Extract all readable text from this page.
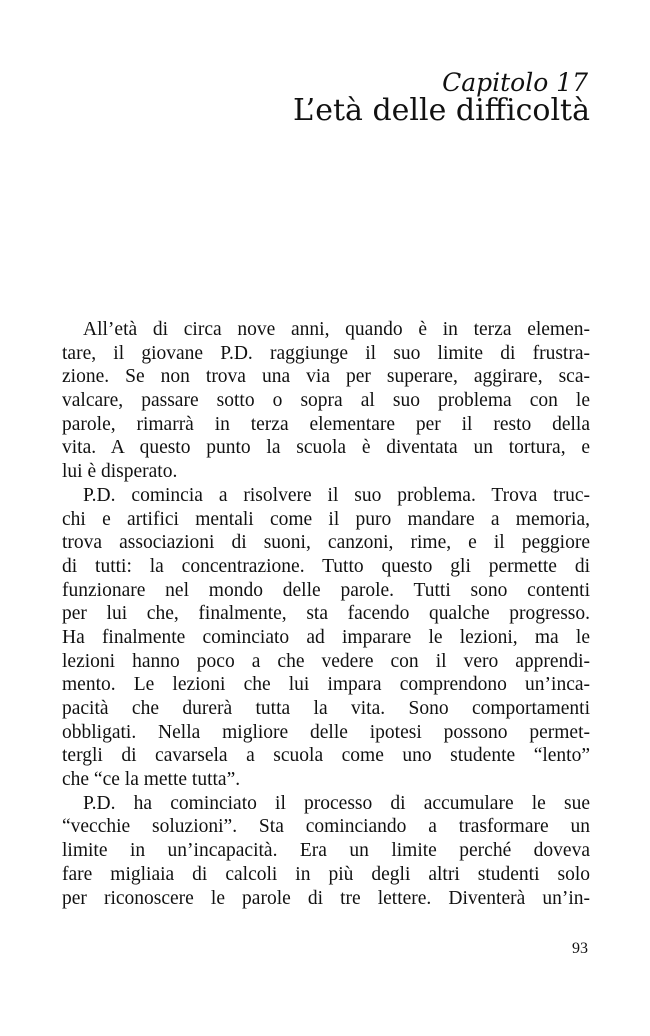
Capitolo 17
L’età delle difficoltà
All’età di circa nove anni, quando è in terza elemen-
tare, il giovane P.D. raggiunge il suo limite di frustra-
zione. Se non trova una via per superare, aggirare, sca-
valcare, passare sotto o sopra al suo problema con le
parole, rimarrà in terza elementare per il resto della
vita. A questo punto la scuola è diventata un tortura, e
lui è disperato.
P.D. comincia a risolvere il suo problema. Trova truc-
chi e artifici mentali come il puro mandare a memoria,
trova associazioni di suoni, canzoni, rime, e il peggiore
di tutti: la concentrazione. Tutto questo gli permette di
funzionare nel mondo delle parole. Tutti sono contenti
per lui che, finalmente, sta facendo qualche progresso.
Ha finalmente cominciato ad imparare le lezioni, ma le
lezioni hanno poco a che vedere con il vero apprendi-
mento. Le lezioni che lui impara comprendono un’inca-
pacità che durerà tutta la vita. Sono comportamenti
obbligati. Nella migliore delle ipotesi possono permet-
tergli di cavarsela a scuola come uno studente “lento”
che “ce la mette tutta”.
P.D. ha cominciato il processo di accumulare le sue
“vecchie soluzioni”. Sta cominciando a trasformare un
limite in un’incapacità. Era un limite perché doveva
fare migliaia di calcoli in più degli altri studenti solo
per riconoscere le parole di tre lettere. Diventerà un’in-
93
